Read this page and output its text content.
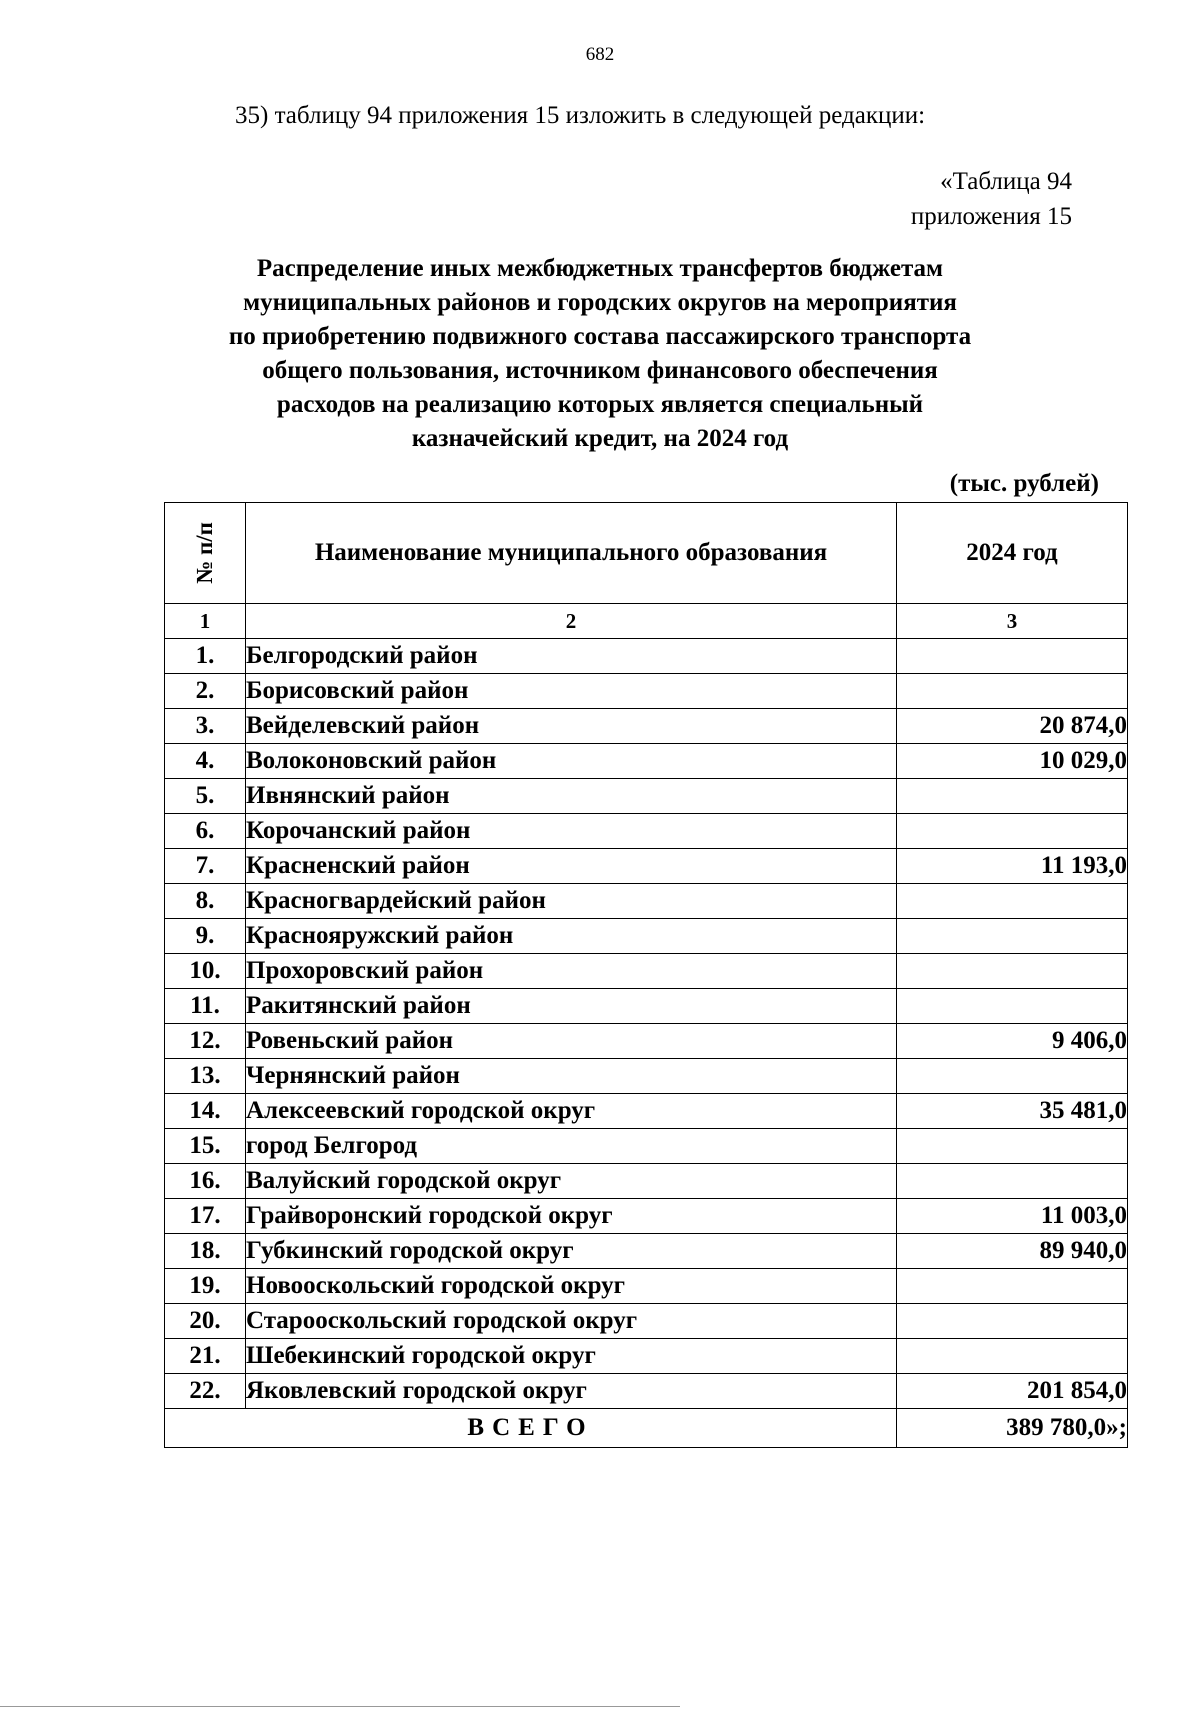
682
35) таблицу 94 приложения 15 изложить в следующей редакции:
«Таблица 94
приложения 15
Распределение иных межбюджетных трансфертов бюджетам
муниципальных районов и городских округов на мероприятия
по приобретению подвижного состава пассажирского транспорта
общего пользования, источником финансового обеспечения
расходов на реализацию которых является специальный
казначейский кредит, на 2024 год
(тыс. рублей)
№ п/п	Наименование муниципального образования	2024 год
1	2	3
1.	Белгородский район	
2.	Борисовский район	
3.	Вейделевский район	20 874,0
4.	Волоконовский район	10 029,0
5.	Ивнянский район	
6.	Корочанский район	
7.	Красненский район	11 193,0
8.	Красногвардейский район	
9.	Краснояружский район	
10.	Прохоровский район	
11.	Ракитянский район	
12.	Ровеньский район	9 406,0
13.	Чернянский район	
14.	Алексеевский городской округ	35 481,0
15.	город Белгород	
16.	Валуйский городской округ	
17.	Грайворонский городской округ	11 003,0
18.	Губкинский городской округ	89 940,0
19.	Новооскольский городской округ	
20.	Старооскольский городской округ	
21.	Шебекинский городской округ	
22.	Яковлевский городской округ	201 854,0
ВСЕГО		389 780,0»;
